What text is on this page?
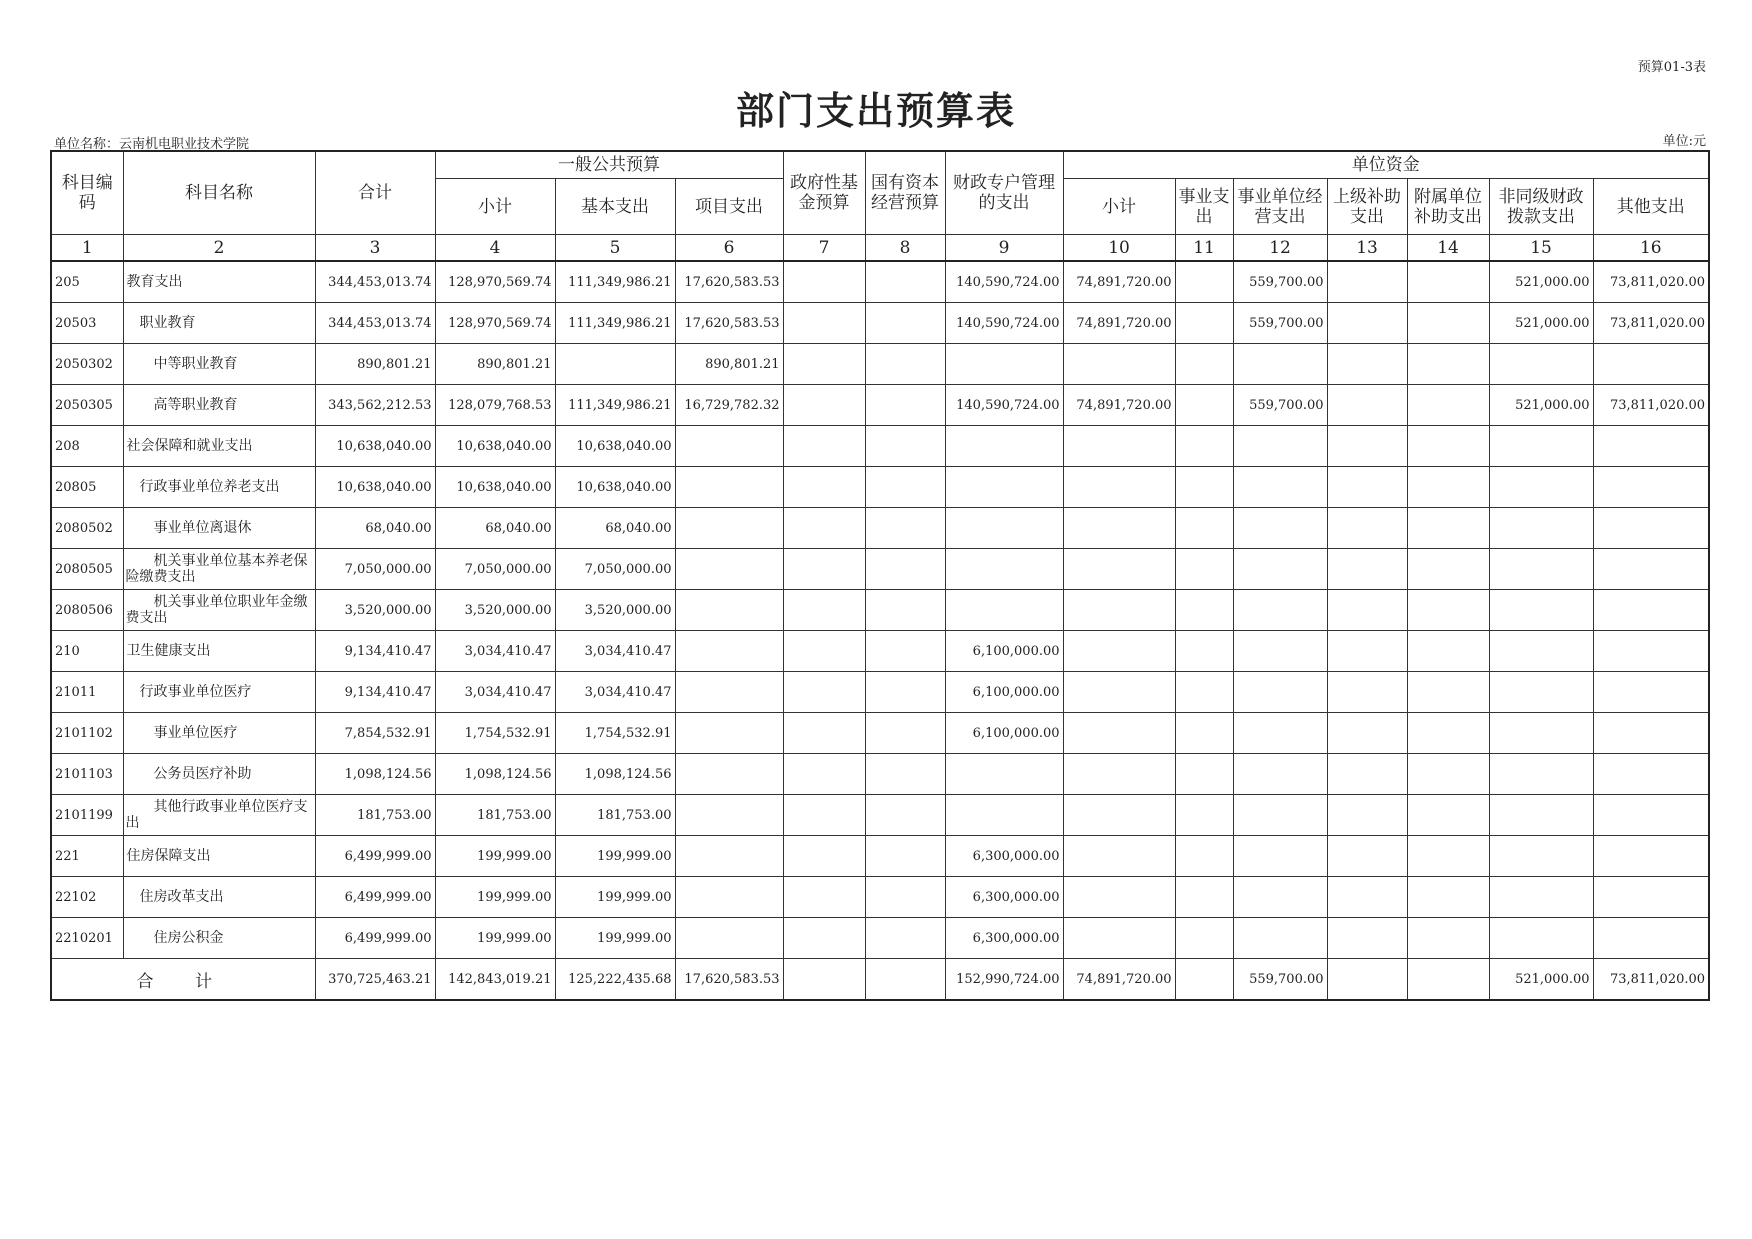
预算01-3表
部门支出预算表
单位名称：云南机电职业技术学院	单位:元
科目编码	科目名称	合计	一般公共预算			政府性基金预算	国有资本经营预算	财政专户管理的支出	单位资金						
			小计	基本支出	项目支出				小计	事业支出	事业单位经营支出	上级补助支出	附属单位补助支出	非同级财政拨款支出	其他支出
1	2	3	4	5	6	7	8	9	10	11	12	13	14	15	16
205	教育支出	344,453,013.74	128,970,569.74	111,349,986.21	17,620,583.53			140,590,724.00	74,891,720.00		559,700.00			521,000.00	73,811,020.00
20503	职业教育	344,453,013.74	128,970,569.74	111,349,986.21	17,620,583.53			140,590,724.00	74,891,720.00		559,700.00			521,000.00	73,811,020.00
2050302	中等职业教育	890,801.21	890,801.21		890,801.21										
2050305	高等职业教育	343,562,212.53	128,079,768.53	111,349,986.21	16,729,782.32			140,590,724.00	74,891,720.00		559,700.00			521,000.00	73,811,020.00
208	社会保障和就业支出	10,638,040.00	10,638,040.00	10,638,040.00											
20805	行政事业单位养老支出	10,638,040.00	10,638,040.00	10,638,040.00											
2080502	事业单位离退休	68,040.00	68,040.00	68,040.00											
2080505	机关事业单位基本养老保险缴费支出	7,050,000.00	7,050,000.00	7,050,000.00											
2080506	机关事业单位职业年金缴费支出	3,520,000.00	3,520,000.00	3,520,000.00											
210	卫生健康支出	9,134,410.47	3,034,410.47	3,034,410.47				6,100,000.00							
21011	行政事业单位医疗	9,134,410.47	3,034,410.47	3,034,410.47				6,100,000.00							
2101102	事业单位医疗	7,854,532.91	1,754,532.91	1,754,532.91				6,100,000.00							
2101103	公务员医疗补助	1,098,124.56	1,098,124.56	1,098,124.56											
2101199	其他行政事业单位医疗支出	181,753.00	181,753.00	181,753.00											
221	住房保障支出	6,499,999.00	199,999.00	199,999.00				6,300,000.00							
22102	住房改革支出	6,499,999.00	199,999.00	199,999.00				6,300,000.00							
2210201	住房公积金	6,499,999.00	199,999.00	199,999.00				6,300,000.00							
合 计		370,725,463.21	142,843,019.21	125,222,435.68	17,620,583.53			152,990,724.00	74,891,720.00		559,700.00			521,000.00	73,811,020.00
